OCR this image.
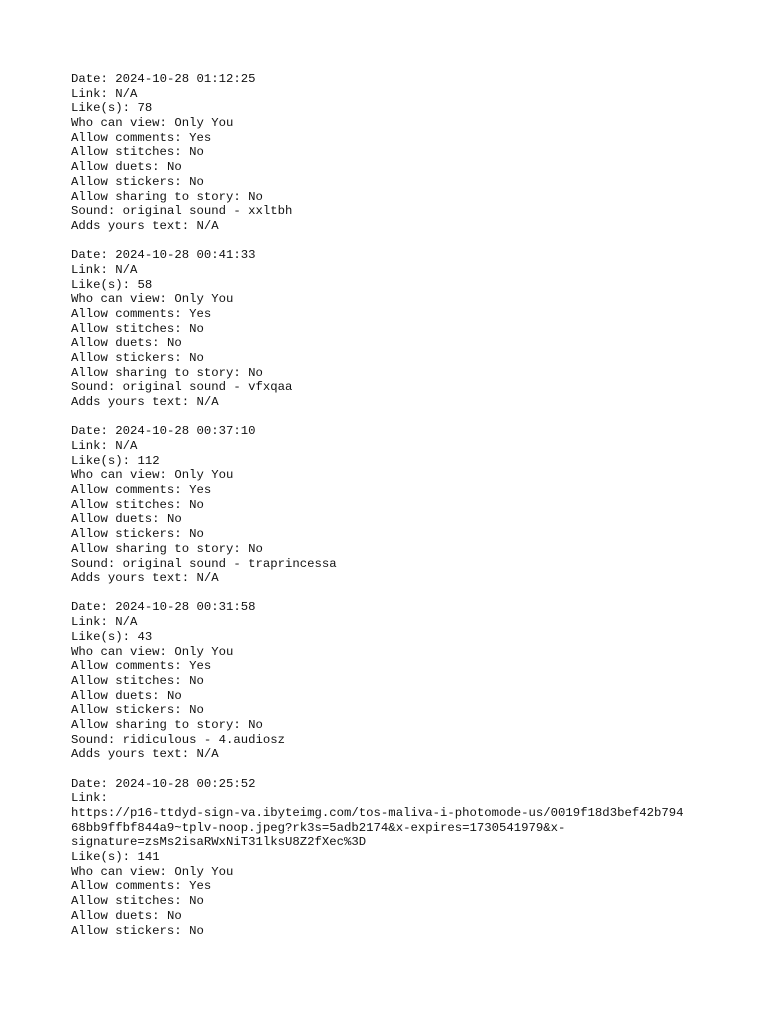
Date: 2024-10-28 01:12:25
Link: N/A
Like(s): 78
Who can view: Only You
Allow comments: Yes
Allow stitches: No
Allow duets: No
Allow stickers: No
Allow sharing to story: No
Sound: original sound - xxltbh
Adds yours text: N/A
Date: 2024-10-28 00:41:33
Link: N/A
Like(s): 58
Who can view: Only You
Allow comments: Yes
Allow stitches: No
Allow duets: No
Allow stickers: No
Allow sharing to story: No
Sound: original sound - vfxqaa
Adds yours text: N/A
Date: 2024-10-28 00:37:10
Link: N/A
Like(s): 112
Who can view: Only You
Allow comments: Yes
Allow stitches: No
Allow duets: No
Allow stickers: No
Allow sharing to story: No
Sound: original sound - traprincessa
Adds yours text: N/A
Date: 2024-10-28 00:31:58
Link: N/A
Like(s): 43
Who can view: Only You
Allow comments: Yes
Allow stitches: No
Allow duets: No
Allow stickers: No
Allow sharing to story: No
Sound: ridiculous - 4.audiosz
Adds yours text: N/A
Date: 2024-10-28 00:25:52
Link:
https://p16-ttdyd-sign-va.ibyteimg.com/tos-maliva-i-photomode-us/0019f18d3bef42b794
68bb9ffbf844a9~tplv-noop.jpeg?rk3s=5adb2174&x-expires=1730541979&x-
signature=zsMs2isaRWxNiT31lksU8Z2fXec%3D
Like(s): 141
Who can view: Only You
Allow comments: Yes
Allow stitches: No
Allow duets: No
Allow stickers: No
